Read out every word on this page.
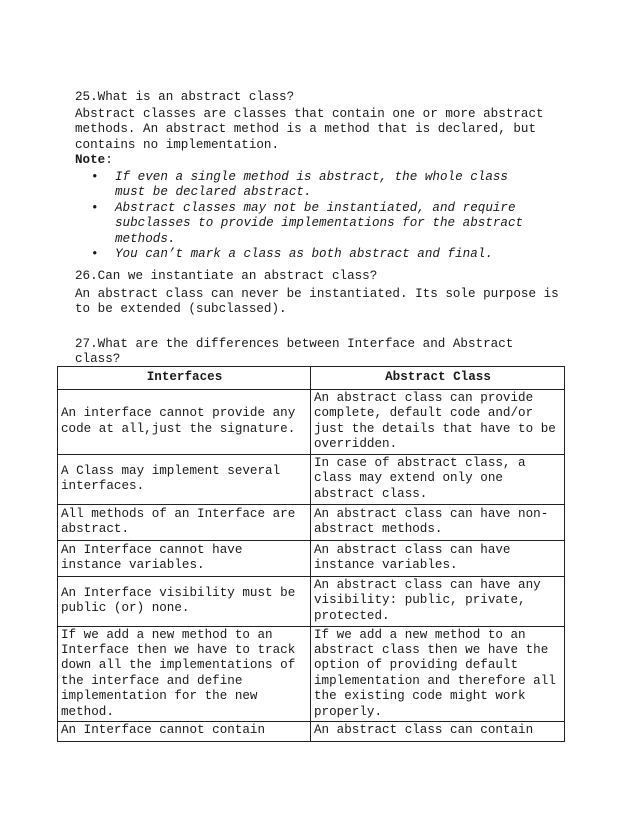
25.What is an abstract class?
Abstract classes are classes that contain one or more abstract methods. An abstract method is a method that is declared, but contains no implementation.
Note:
• If even a single method is abstract, the whole class must be declared abstract.
• Abstract classes may not be instantiated, and require subclasses to provide implementations for the abstract methods.
• You can’t mark a class as both abstract and final.
26.Can we instantiate an abstract class?
An abstract class can never be instantiated. Its sole purpose is to be extended (subclassed).
27.What are the differences between Interface and Abstract class?
Interfaces	Abstract Class
An interface cannot provide any code at all,just the signature.	An abstract class can provide complete, default code and/or just the details that have to be overridden.
A Class may implement several interfaces.	In case of abstract class, a class may extend only one abstract class.
All methods of an Interface are abstract.	An abstract class can have non-abstract methods.
An Interface cannot have instance variables.	An abstract class can have instance variables.
An Interface visibility must be public (or) none.	An abstract class can have any visibility: public, private, protected.
If we add a new method to an Interface then we have to track down all the implementations of the interface and define implementation for the new method.	If we add a new method to an abstract class then we have the option of providing default implementation and therefore all the existing code might work properly.
An Interface cannot contain	An abstract class can contain
